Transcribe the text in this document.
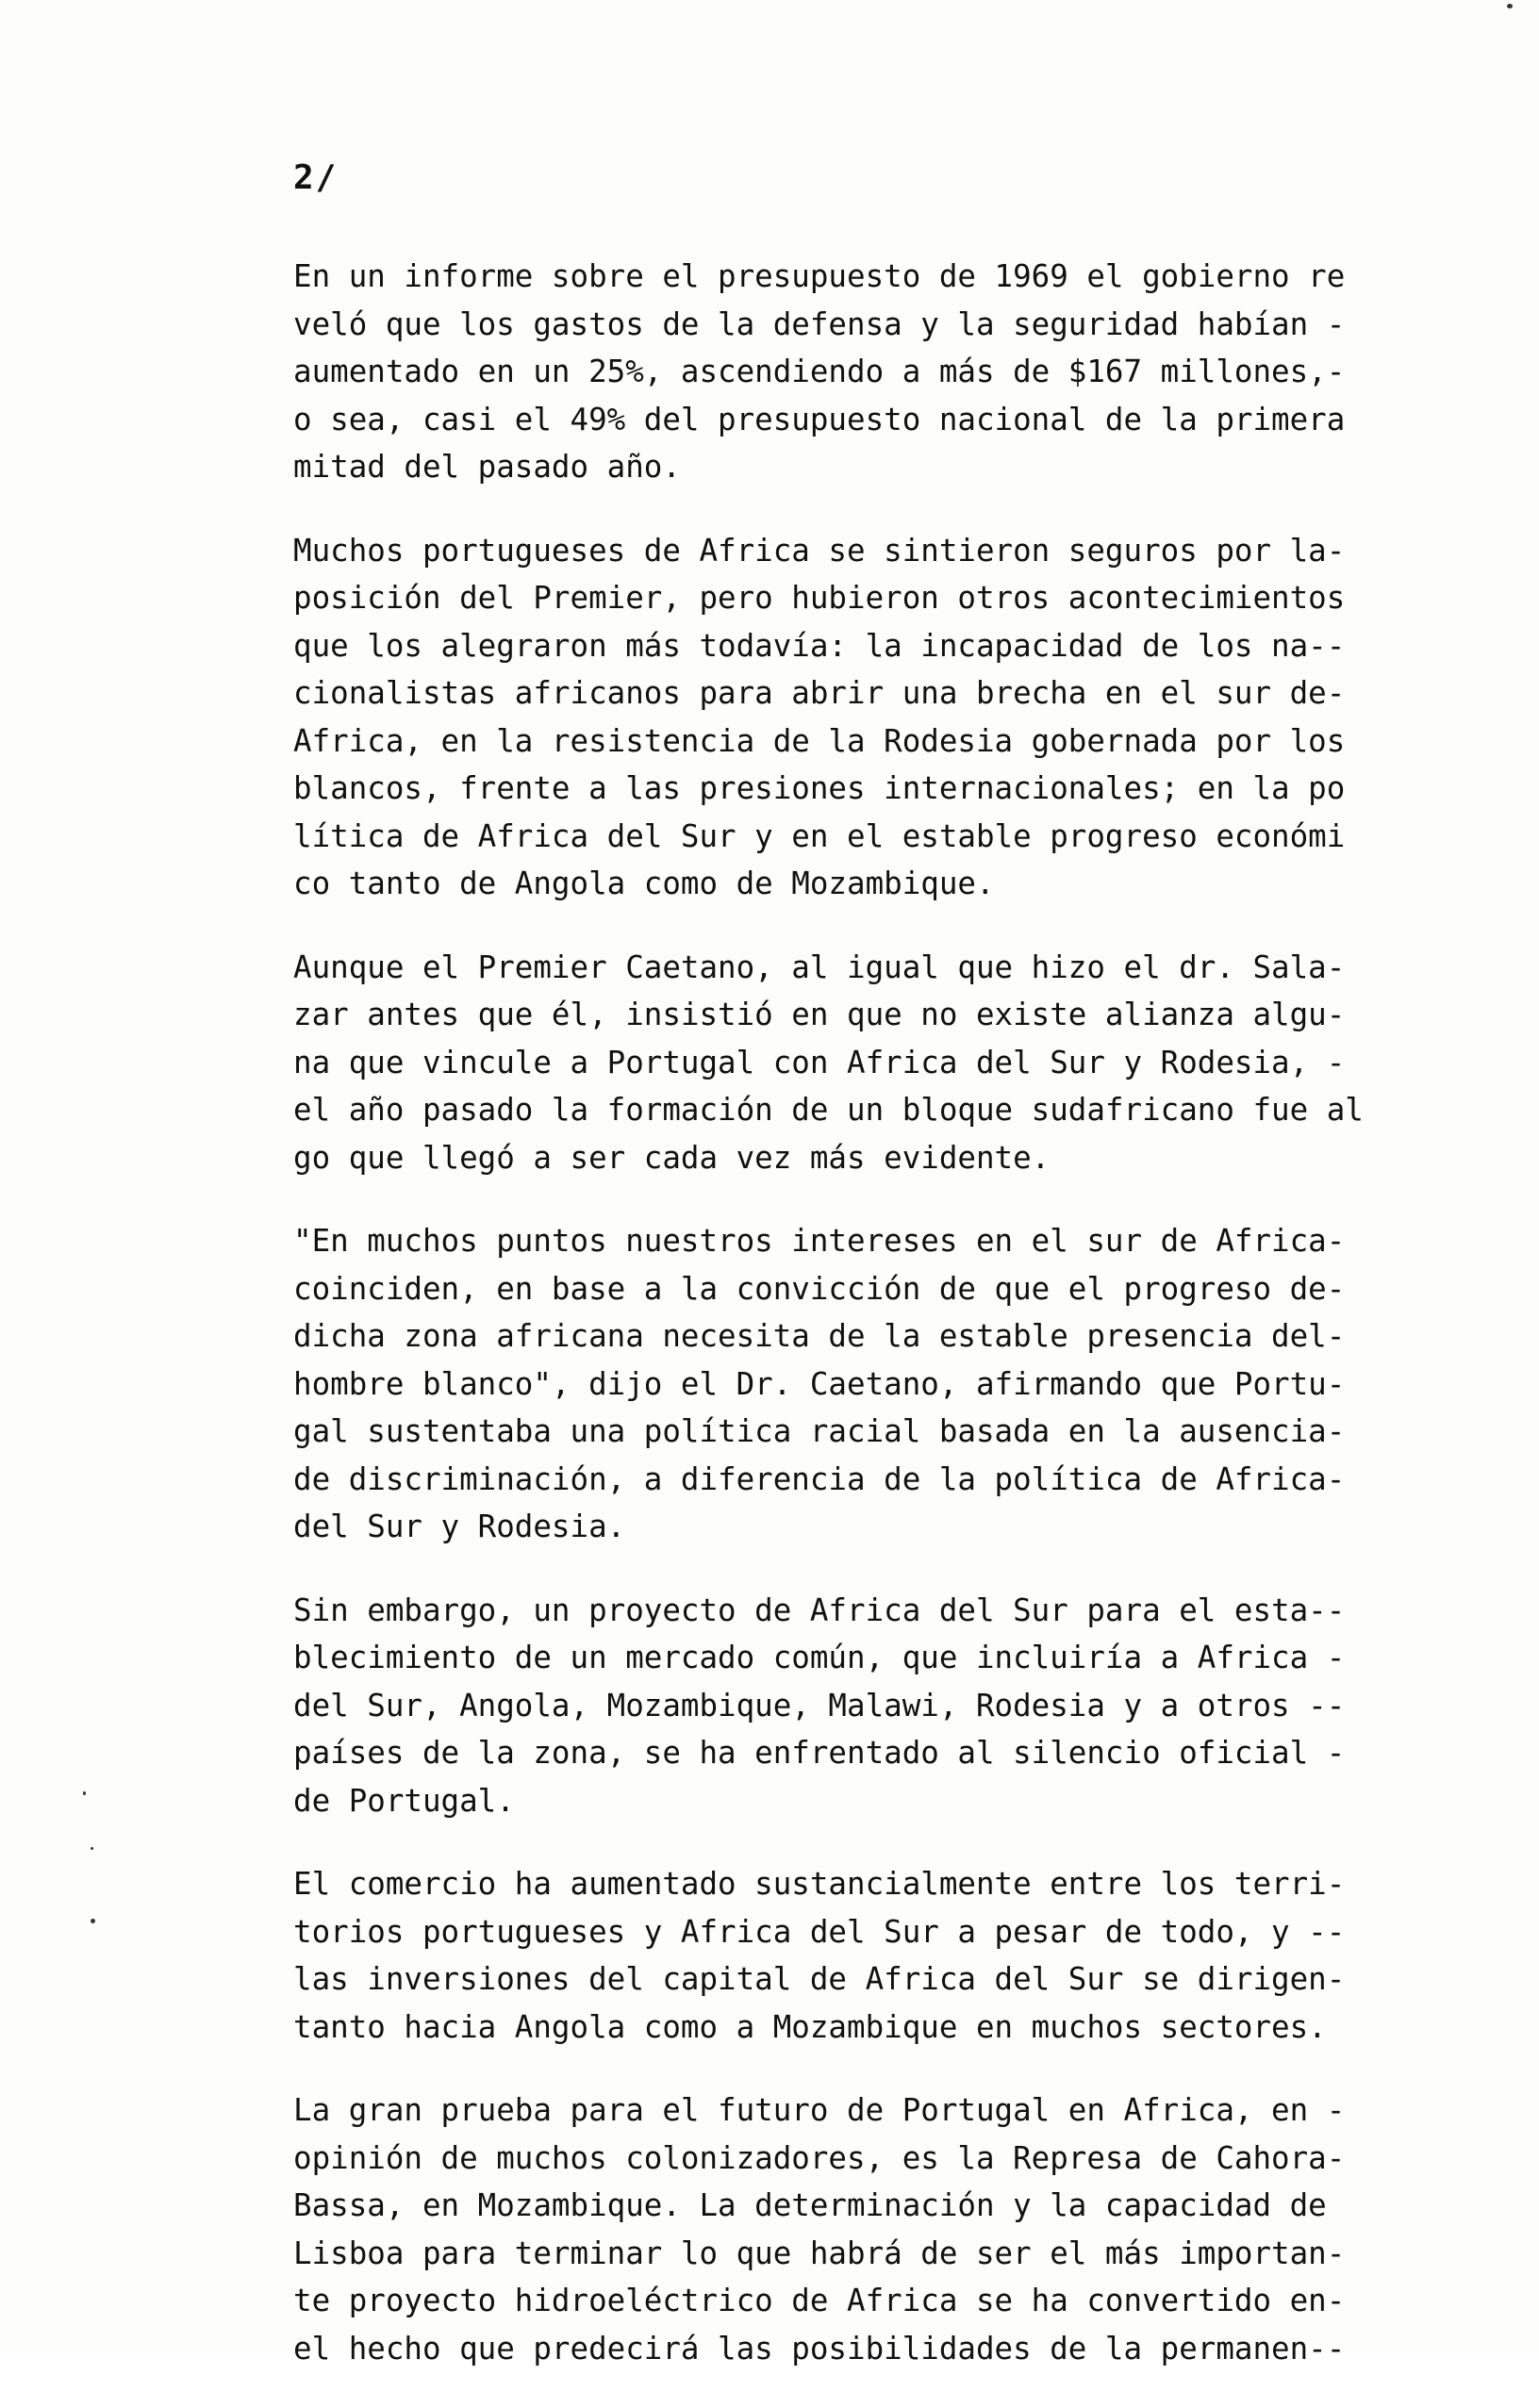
2/
En un informe sobre el presupuesto de 1969 el gobierno re
veló que los gastos de la defensa y la seguridad habían -
aumentado en un 25%, ascendiendo a más de $167 millones,-
o sea, casi el 49% del presupuesto nacional de la primera
mitad del pasado año.
Muchos portugueses de Africa se sintieron seguros por la-
posición del Premier, pero hubieron otros acontecimientos
que los alegraron más todavía: la incapacidad de los na--
cionalistas africanos para abrir una brecha en el sur de-
Africa, en la resistencia de la Rodesia gobernada por los
blancos, frente a las presiones internacionales; en la po
lítica de Africa del Sur y en el estable progreso económi
co tanto de Angola como de Mozambique.
Aunque el Premier Caetano, al igual que hizo el dr. Sala-
zar antes que él, insistió en que no existe alianza algu-
na que vincule a Portugal con Africa del Sur y Rodesia, -
el año pasado la formación de un bloque sudafricano fue al
go que llegó a ser cada vez más evidente.
"En muchos puntos nuestros intereses en el sur de Africa-
coinciden, en base a la convicción de que el progreso de-
dicha zona africana necesita de la estable presencia del-
hombre blanco", dijo el Dr. Caetano, afirmando que Portu-
gal sustentaba una política racial basada en la ausencia-
de discriminación, a diferencia de la política de Africa-
del Sur y Rodesia.
Sin embargo, un proyecto de Africa del Sur para el esta--
blecimiento de un mercado común, que incluiría a Africa -
del Sur, Angola, Mozambique, Malawi, Rodesia y a otros --
países de la zona, se ha enfrentado al silencio oficial -
de Portugal.
El comercio ha aumentado sustancialmente entre los terri-
torios portugueses y Africa del Sur a pesar de todo, y --
las inversiones del capital de Africa del Sur se dirigen-
tanto hacia Angola como a Mozambique en muchos sectores.
La gran prueba para el futuro de Portugal en Africa, en -
opinión de muchos colonizadores, es la Represa de Cahora-
Bassa, en Mozambique. La determinación y la capacidad de
Lisboa para terminar lo que habrá de ser el más importan-
te proyecto hidroeléctrico de Africa se ha convertido en-
el hecho que predecirá las posibilidades de la permanen--
